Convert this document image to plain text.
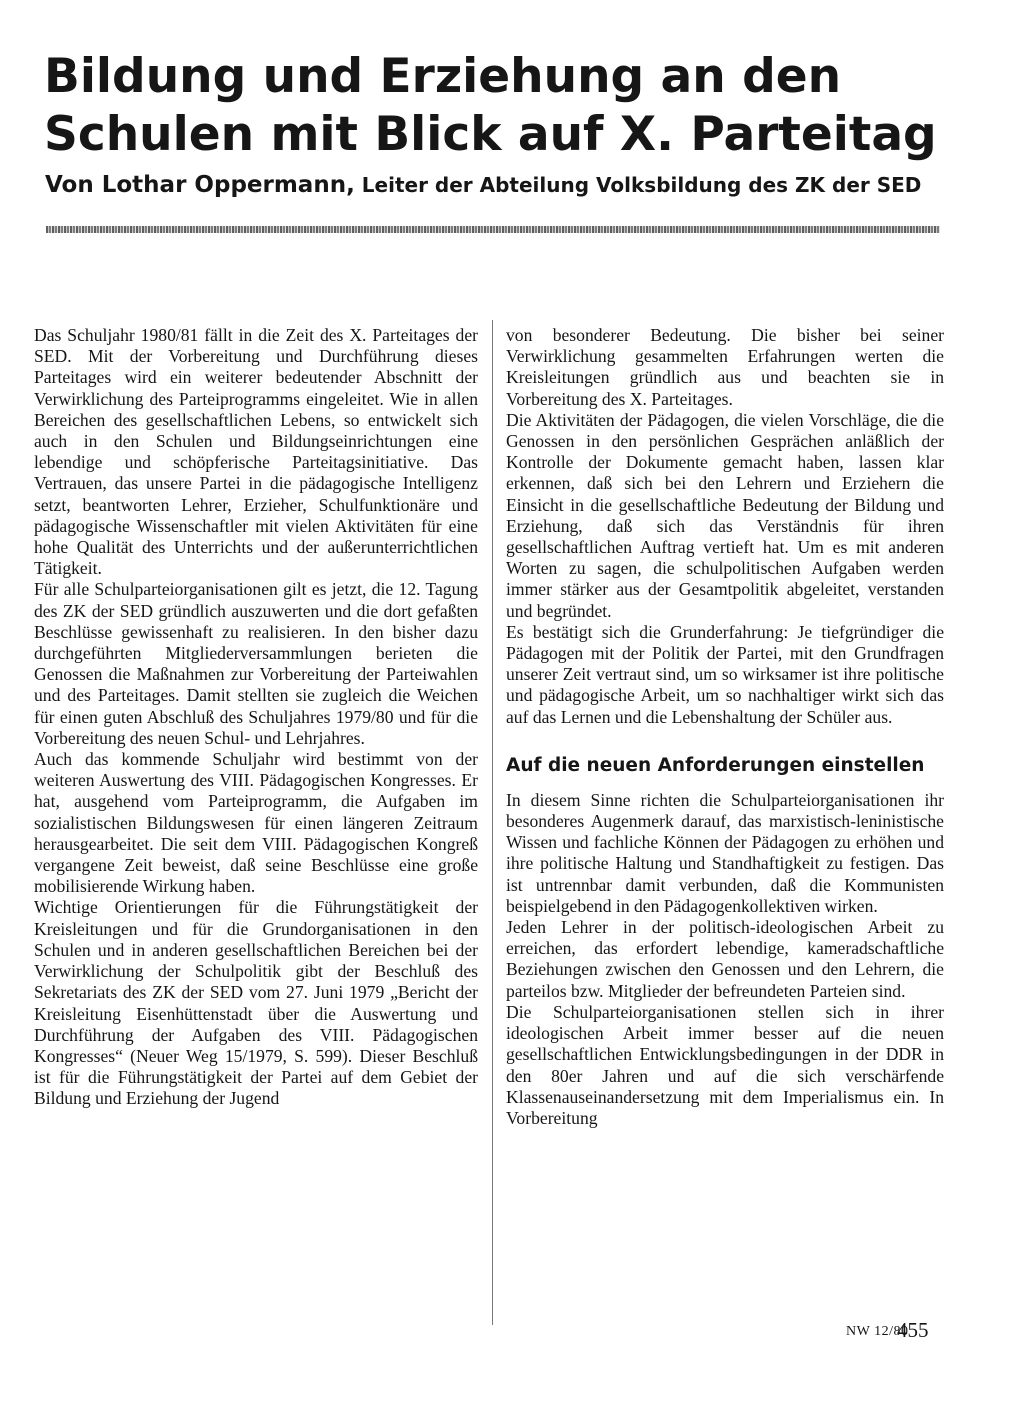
Bildung und Erziehung an den
Schulen mit Blick auf X. Parteitag
Von Lothar Oppermann, Leiter der Abteilung Volksbildung des ZK der SED

Das Schuljahr 1980/81 fällt in die Zeit des X. Parteitages der SED. Mit der Vorbereitung und Durchführung dieses Parteitages wird ein weiterer bedeutender Abschnitt der Verwirklichung des Parteiprogramms eingeleitet. Wie in allen Bereichen des gesellschaftlichen Lebens, so entwickelt sich auch in den Schulen und Bildungseinrichtungen eine lebendige und schöpferische Parteitagsinitiative. Das Vertrauen, das unsere Partei in die pädagogische Intelligenz setzt, beantworten Lehrer, Erzieher, Schulfunktionäre und pädagogische Wissenschaftler mit vielen Aktivitäten für eine hohe Qualität des Unterrichts und der außerunterrichtlichen Tätigkeit.

Für alle Schulparteiorganisationen gilt es jetzt, die 12. Tagung des ZK der SED gründlich auszuwerten und die dort gefaßten Beschlüsse gewissenhaft zu realisieren. In den bisher dazu durchgeführten Mitgliederversammlungen berieten die Genossen die Maßnahmen zur Vorbereitung der Parteiwahlen und des Parteitages. Damit stellten sie zugleich die Weichen für einen guten Abschluß des Schuljahres 1979/80 und für die Vorbereitung des neuen Schul- und Lehrjahres.

Auch das kommende Schuljahr wird bestimmt von der weiteren Auswertung des VIII. Pädagogischen Kongresses. Er hat, ausgehend vom Parteiprogramm, die Aufgaben im sozialistischen Bildungswesen für einen längeren Zeitraum herausgearbeitet. Die seit dem VIII. Pädagogischen Kongreß vergangene Zeit beweist, daß seine Beschlüsse eine große mobilisierende Wirkung haben.

Wichtige Orientierungen für die Führungstätigkeit der Kreisleitungen und für die Grundorganisationen in den Schulen und in anderen gesellschaftlichen Bereichen bei der Verwirklichung der Schulpolitik gibt der Beschluß des Sekretariats des ZK der SED vom 27. Juni 1979 „Bericht der Kreisleitung Eisenhüttenstadt über die Auswertung und Durchführung der Aufgaben des VIII. Pädagogischen Kongresses“ (Neuer Weg 15/1979, S. 599). Dieser Beschluß ist für die Führungstätigkeit der Partei auf dem Gebiet der Bildung und Erziehung der Jugend

von besonderer Bedeutung. Die bisher bei seiner Verwirklichung gesammelten Erfahrungen werten die Kreisleitungen gründlich aus und beachten sie in Vorbereitung des X. Parteitages.

Die Aktivitäten der Pädagogen, die vielen Vorschläge, die die Genossen in den persönlichen Gesprächen anläßlich der Kontrolle der Dokumente gemacht haben, lassen klar erkennen, daß sich bei den Lehrern und Erziehern die Einsicht in die gesellschaftliche Bedeutung der Bildung und Erziehung, daß sich das Verständnis für ihren gesellschaftlichen Auftrag vertieft hat. Um es mit anderen Worten zu sagen, die schulpolitischen Aufgaben werden immer stärker aus der Gesamtpolitik abgeleitet, verstanden und begründet.

Es bestätigt sich die Grunderfahrung: Je tiefgründiger die Pädagogen mit der Politik der Partei, mit den Grundfragen unserer Zeit vertraut sind, um so wirksamer ist ihre politische und pädagogische Arbeit, um so nachhaltiger wirkt sich das auf das Lernen und die Lebenshaltung der Schüler aus.

Auf die neuen Anforderungen einstellen

In diesem Sinne richten die Schulparteiorganisationen ihr besonderes Augenmerk darauf, das marxistisch-leninistische Wissen und fachliche Können der Pädagogen zu erhöhen und ihre politische Haltung und Standhaftigkeit zu festigen. Das ist untrennbar damit verbunden, daß die Kommunisten beispielgebend in den Pädagogenkollektiven wirken.

Jeden Lehrer in der politisch-ideologischen Arbeit zu erreichen, das erfordert lebendige, kameradschaftliche Beziehungen zwischen den Genossen und den Lehrern, die parteilos bzw. Mitglieder der befreundeten Parteien sind.

Die Schulparteiorganisationen stellen sich in ihrer ideologischen Arbeit immer besser auf die neuen gesellschaftlichen Entwicklungsbedingungen in der DDR in den 80er Jahren und auf die sich verschärfende Klassenauseinandersetzung mit dem Imperialismus ein. In Vorbereitung

NW 12/80
455
